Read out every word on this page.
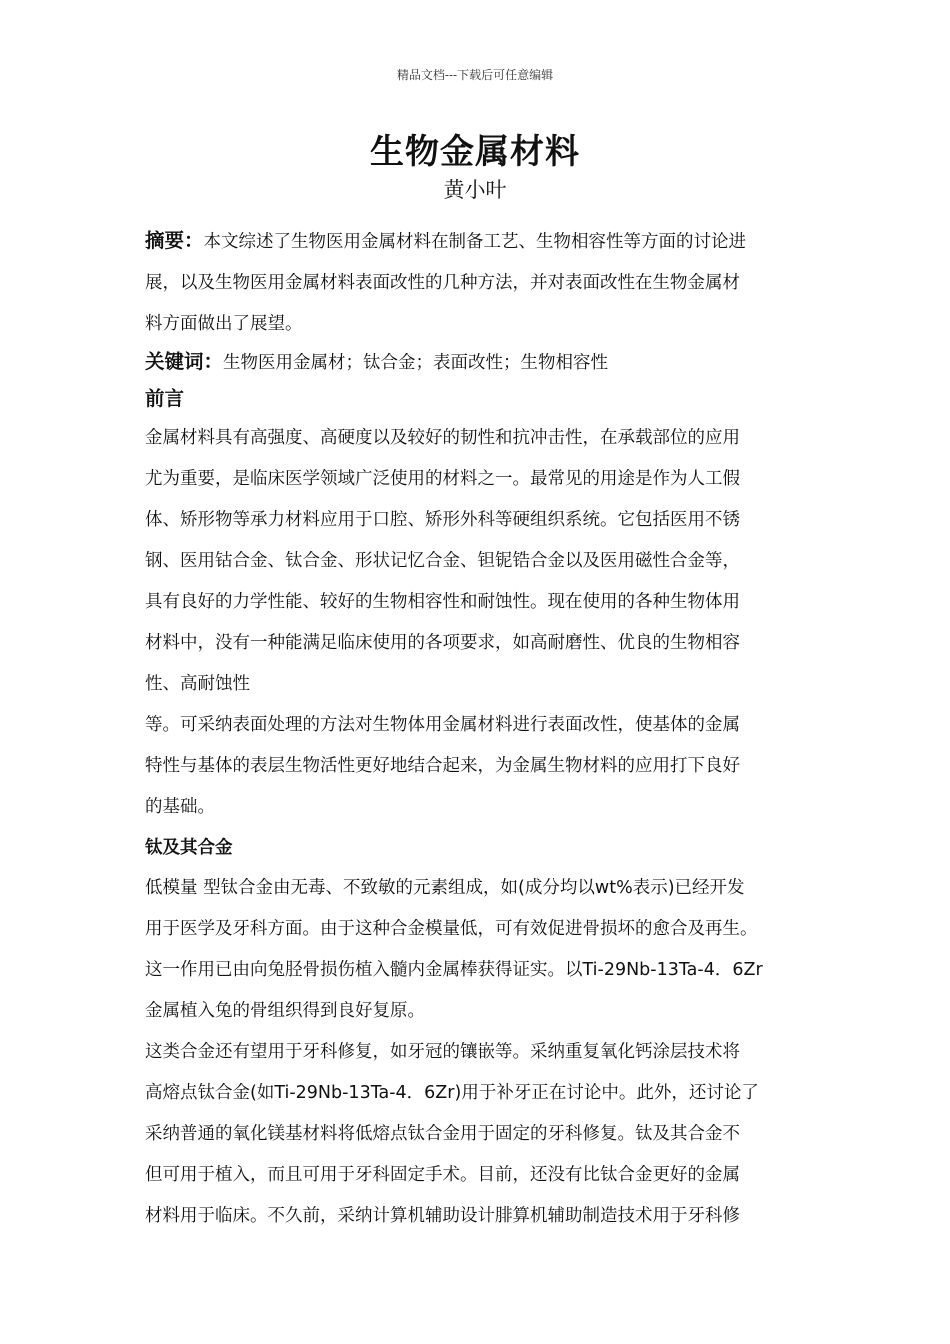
精品文档---下载后可任意编辑
生物金属材料
黄小叶

摘要：本文综述了生物医用金属材料在制备工艺、生物相容性等方面的讨论进
展，以及生物医用金属材料表面改性的几种方法，并对表面改性在生物金属材
料方面做出了展望。

关键词：生物医用金属材；钛合金；表面改性；生物相容性

前言

金属材料具有高强度、高硬度以及较好的韧性和抗冲击性，在承载部位的应用
尤为重要，是临床医学领域广泛使用的材料之一。最常见的用途是作为人工假
体、矫形物等承力材料应用于口腔、矫形外科等硬组织系统。它包括医用不锈
钢、医用钴合金、钛合金、形状记忆合金、钽铌锆合金以及医用磁性合金等，
具有良好的力学性能、较好的生物相容性和耐蚀性。现在使用的各种生物体用
材料中，没有一种能满足临床使用的各项要求，如高耐磨性、优良的生物相容
性、高耐蚀性
等。可采纳表面处理的方法对生物体用金属材料进行表面改性，使基体的金属
特性与基体的表层生物活性更好地结合起来，为金属生物材料的应用打下良好
的基础。

钛及其合金

低模量 型钛合金由无毒、不致敏的元素组成，如(成分均以wt%表示)已经开发
用于医学及牙科方面。由于这种合金模量低，可有效促进骨损坏的愈合及再生。
这一作用已由向兔胫骨损伤植入髓内金属棒获得证实。以Ti-29Nb-13Ta-4．6Zr
金属植入兔的骨组织得到良好复原。
这类合金还有望用于牙科修复，如牙冠的镶嵌等。采纳重复氧化钙涂层技术将
高熔点钛合金(如Ti-29Nb-13Ta-4．6Zr)用于补牙正在讨论中。此外，还讨论了
采纳普通的氧化镁基材料将低熔点钛合金用于固定的牙科修复。钛及其合金不
但可用于植入，而且可用于牙科固定手术。目前，还没有比钛合金更好的金属
材料用于临床。不久前，采纳计算机辅助设计腓算机辅助制造技术用于牙科修
